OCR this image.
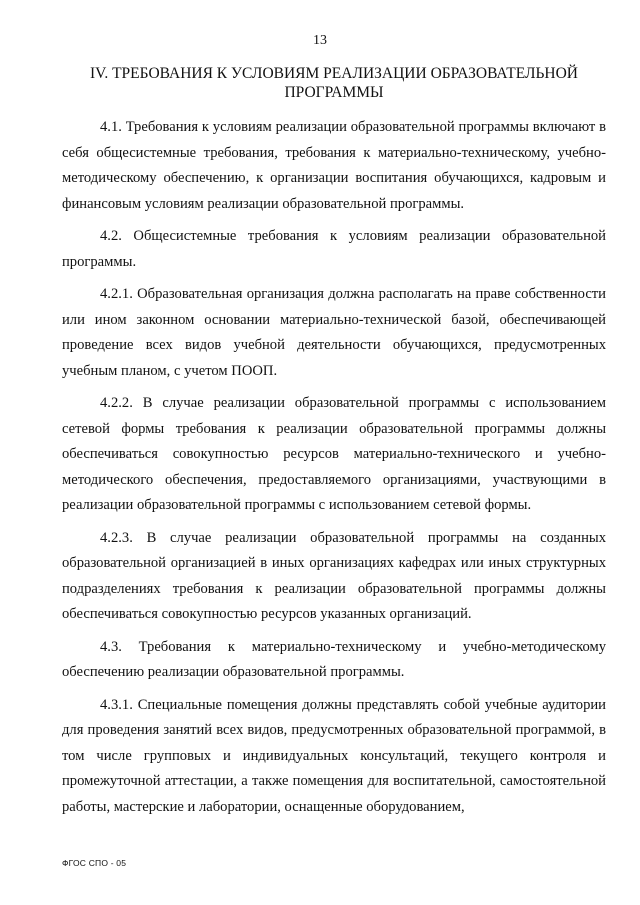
13
IV. ТРЕБОВАНИЯ К УСЛОВИЯМ РЕАЛИЗАЦИИ ОБРАЗОВАТЕЛЬНОЙ ПРОГРАММЫ

4.1. Требования к условиям реализации образовательной программы включают в себя общесистемные требования, требования к материально-техническому, учебно-методическому обеспечению, к организации воспитания обучающихся, кадровым и финансовым условиям реализации образовательной программы.

4.2. Общесистемные требования к условиям реализации образовательной программы.

4.2.1. Образовательная организация должна располагать на праве собственности или ином законном основании материально-технической базой, обеспечивающей проведение всех видов учебной деятельности обучающихся, предусмотренных учебным планом, с учетом ПООП.

4.2.2. В случае реализации образовательной программы с использованием сетевой формы требования к реализации образовательной программы должны обеспечиваться совокупностью ресурсов материально-технического и учебно-методического обеспечения, предоставляемого организациями, участвующими в реализации образовательной программы с использованием сетевой формы.

4.2.3. В случае реализации образовательной программы на созданных образовательной организацией в иных организациях кафедрах или иных структурных подразделениях требования к реализации образовательной программы должны обеспечиваться совокупностью ресурсов указанных организаций.

4.3. Требования к материально-техническому и учебно-методическому обеспечению реализации образовательной программы.

4.3.1. Специальные помещения должны представлять собой учебные аудитории для проведения занятий всех видов, предусмотренных образовательной программой, в том числе групповых и индивидуальных консультаций, текущего контроля и промежуточной аттестации, а также помещения для воспитательной, самостоятельной работы, мастерские и лаборатории, оснащенные оборудованием,

ФГОС СПО - 05
